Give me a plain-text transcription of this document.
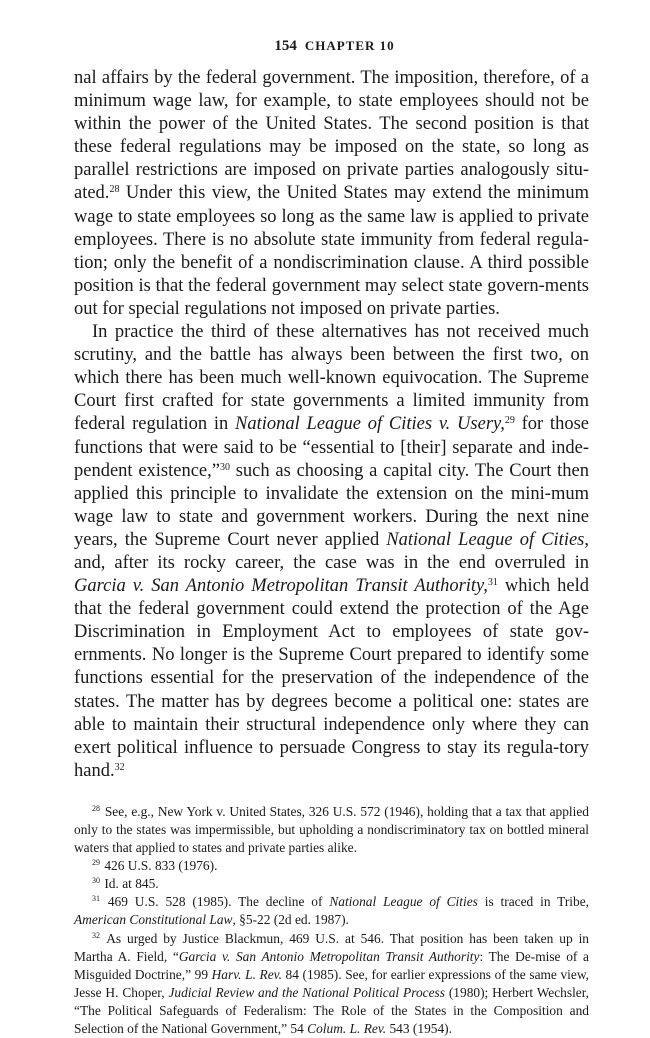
154 CHAPTER 10

nal affairs by the federal government. The imposition, therefore, of a minimum wage law, for example, to state employees should not be within the power of the United States. The second position is that these federal regulations may be imposed on the state, so long as parallel restrictions are imposed on private parties analogously situ-ated.$^{28}$ Under this view, the United States may extend the minimum wage to state employees so long as the same law is applied to private employees. There is no absolute state immunity from federal regula-tion; only the benefit of a nondiscrimination clause. A third possible position is that the federal government may select state govern-ments out for special regulations not imposed on private parties.

In practice the third of these alternatives has not received much scrutiny, and the battle has always been between the first two, on which there has been much well-known equivocation. The Supreme Court first crafted for state governments a limited immunity from federal regulation in National League of Cities v. Usery,$^{29}$ for those functions that were said to be “essential to [their] separate and inde-pendent existence,”$^{30}$ such as choosing a capital city. The Court then applied this principle to invalidate the extension on the mini-mum wage law to state and government workers. During the next nine years, the Supreme Court never applied National League of Cities, and, after its rocky career, the case was in the end overruled in Garcia v. San Antonio Metropolitan Transit Authority,$^{31}$ which held that the federal government could extend the protection of the Age Discrimination in Employment Act to employees of state gov-ernments. No longer is the Supreme Court prepared to identify some functions essential for the preservation of the independence of the states. The matter has by degrees become a political one: states are able to maintain their structural independence only where they can exert political influence to persuade Congress to stay its regula-tory hand.$^{32}$

$^{28}$ See, e.g., New York v. United States, 326 U.S. 572 (1946), holding that a tax that applied only to the states was impermissible, but upholding a nondiscriminatory tax on bottled mineral waters that applied to states and private parties alike.

$^{29}$ 426 U.S. 833 (1976).

$^{30}$ Id. at 845.

$^{31}$ 469 U.S. 528 (1985). The decline of National League of Cities is traced in Tribe, American Constitutional Law, §5-22 (2d ed. 1987).

$^{32}$ As urged by Justice Blackmun, 469 U.S. at 546. That position has been taken up in Martha A. Field, “Garcia v. San Antonio Metropolitan Transit Authority: The De-mise of a Misguided Doctrine,” 99 Harv. L. Rev. 84 (1985). See, for earlier expressions of the same view, Jesse H. Choper, Judicial Review and the National Political Process (1980); Herbert Wechsler, “The Political Safeguards of Federalism: The Role of the States in the Composition and Selection of the National Government,” 54 Colum. L. Rev. 543 (1954).
